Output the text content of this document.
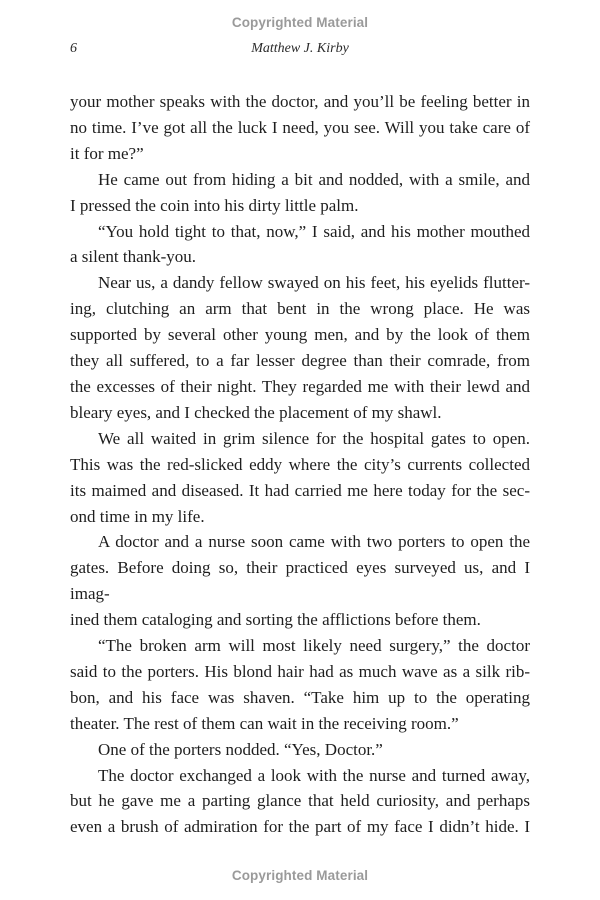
Copyrighted Material
6	Matthew J. Kirby

your mother speaks with the doctor, and you’ll be feeling better in

no time. I’ve got all the luck I need, you see. Will you take care of

it for me?”

He came out from hiding a bit and nodded, with a smile, and

I pressed the coin into his dirty little palm.

“You hold tight to that, now,” I said, and his mother mouthed

a silent thank-you.

Near us, a dandy fellow swayed on his feet, his eyelids flutter-

ing, clutching an arm that bent in the wrong place. He was

supported by several other young men, and by the look of them

they all suffered, to a far lesser degree than their comrade, from

the excesses of their night. They regarded me with their lewd and

bleary eyes, and I checked the placement of my shawl.

We all waited in grim silence for the hospital gates to open.

This was the red-slicked eddy where the city’s currents collected

its maimed and diseased. It had carried me here today for the sec-

ond time in my life.

A doctor and a nurse soon came with two porters to open the

gates. Before doing so, their practiced eyes surveyed us, and I imag-

ined them cataloging and sorting the afflictions before them.

“The broken arm will most likely need surgery,” the doctor

said to the porters. His blond hair had as much wave as a silk rib-

bon, and his face was shaven. “Take him up to the operating

theater. The rest of them can wait in the receiving room.”

One of the porters nodded. “Yes, Doctor.”

The doctor exchanged a look with the nurse and turned away,

but he gave me a parting glance that held curiosity, and perhaps

even a brush of admiration for the part of my face I didn’t hide. I

Copyrighted Material
